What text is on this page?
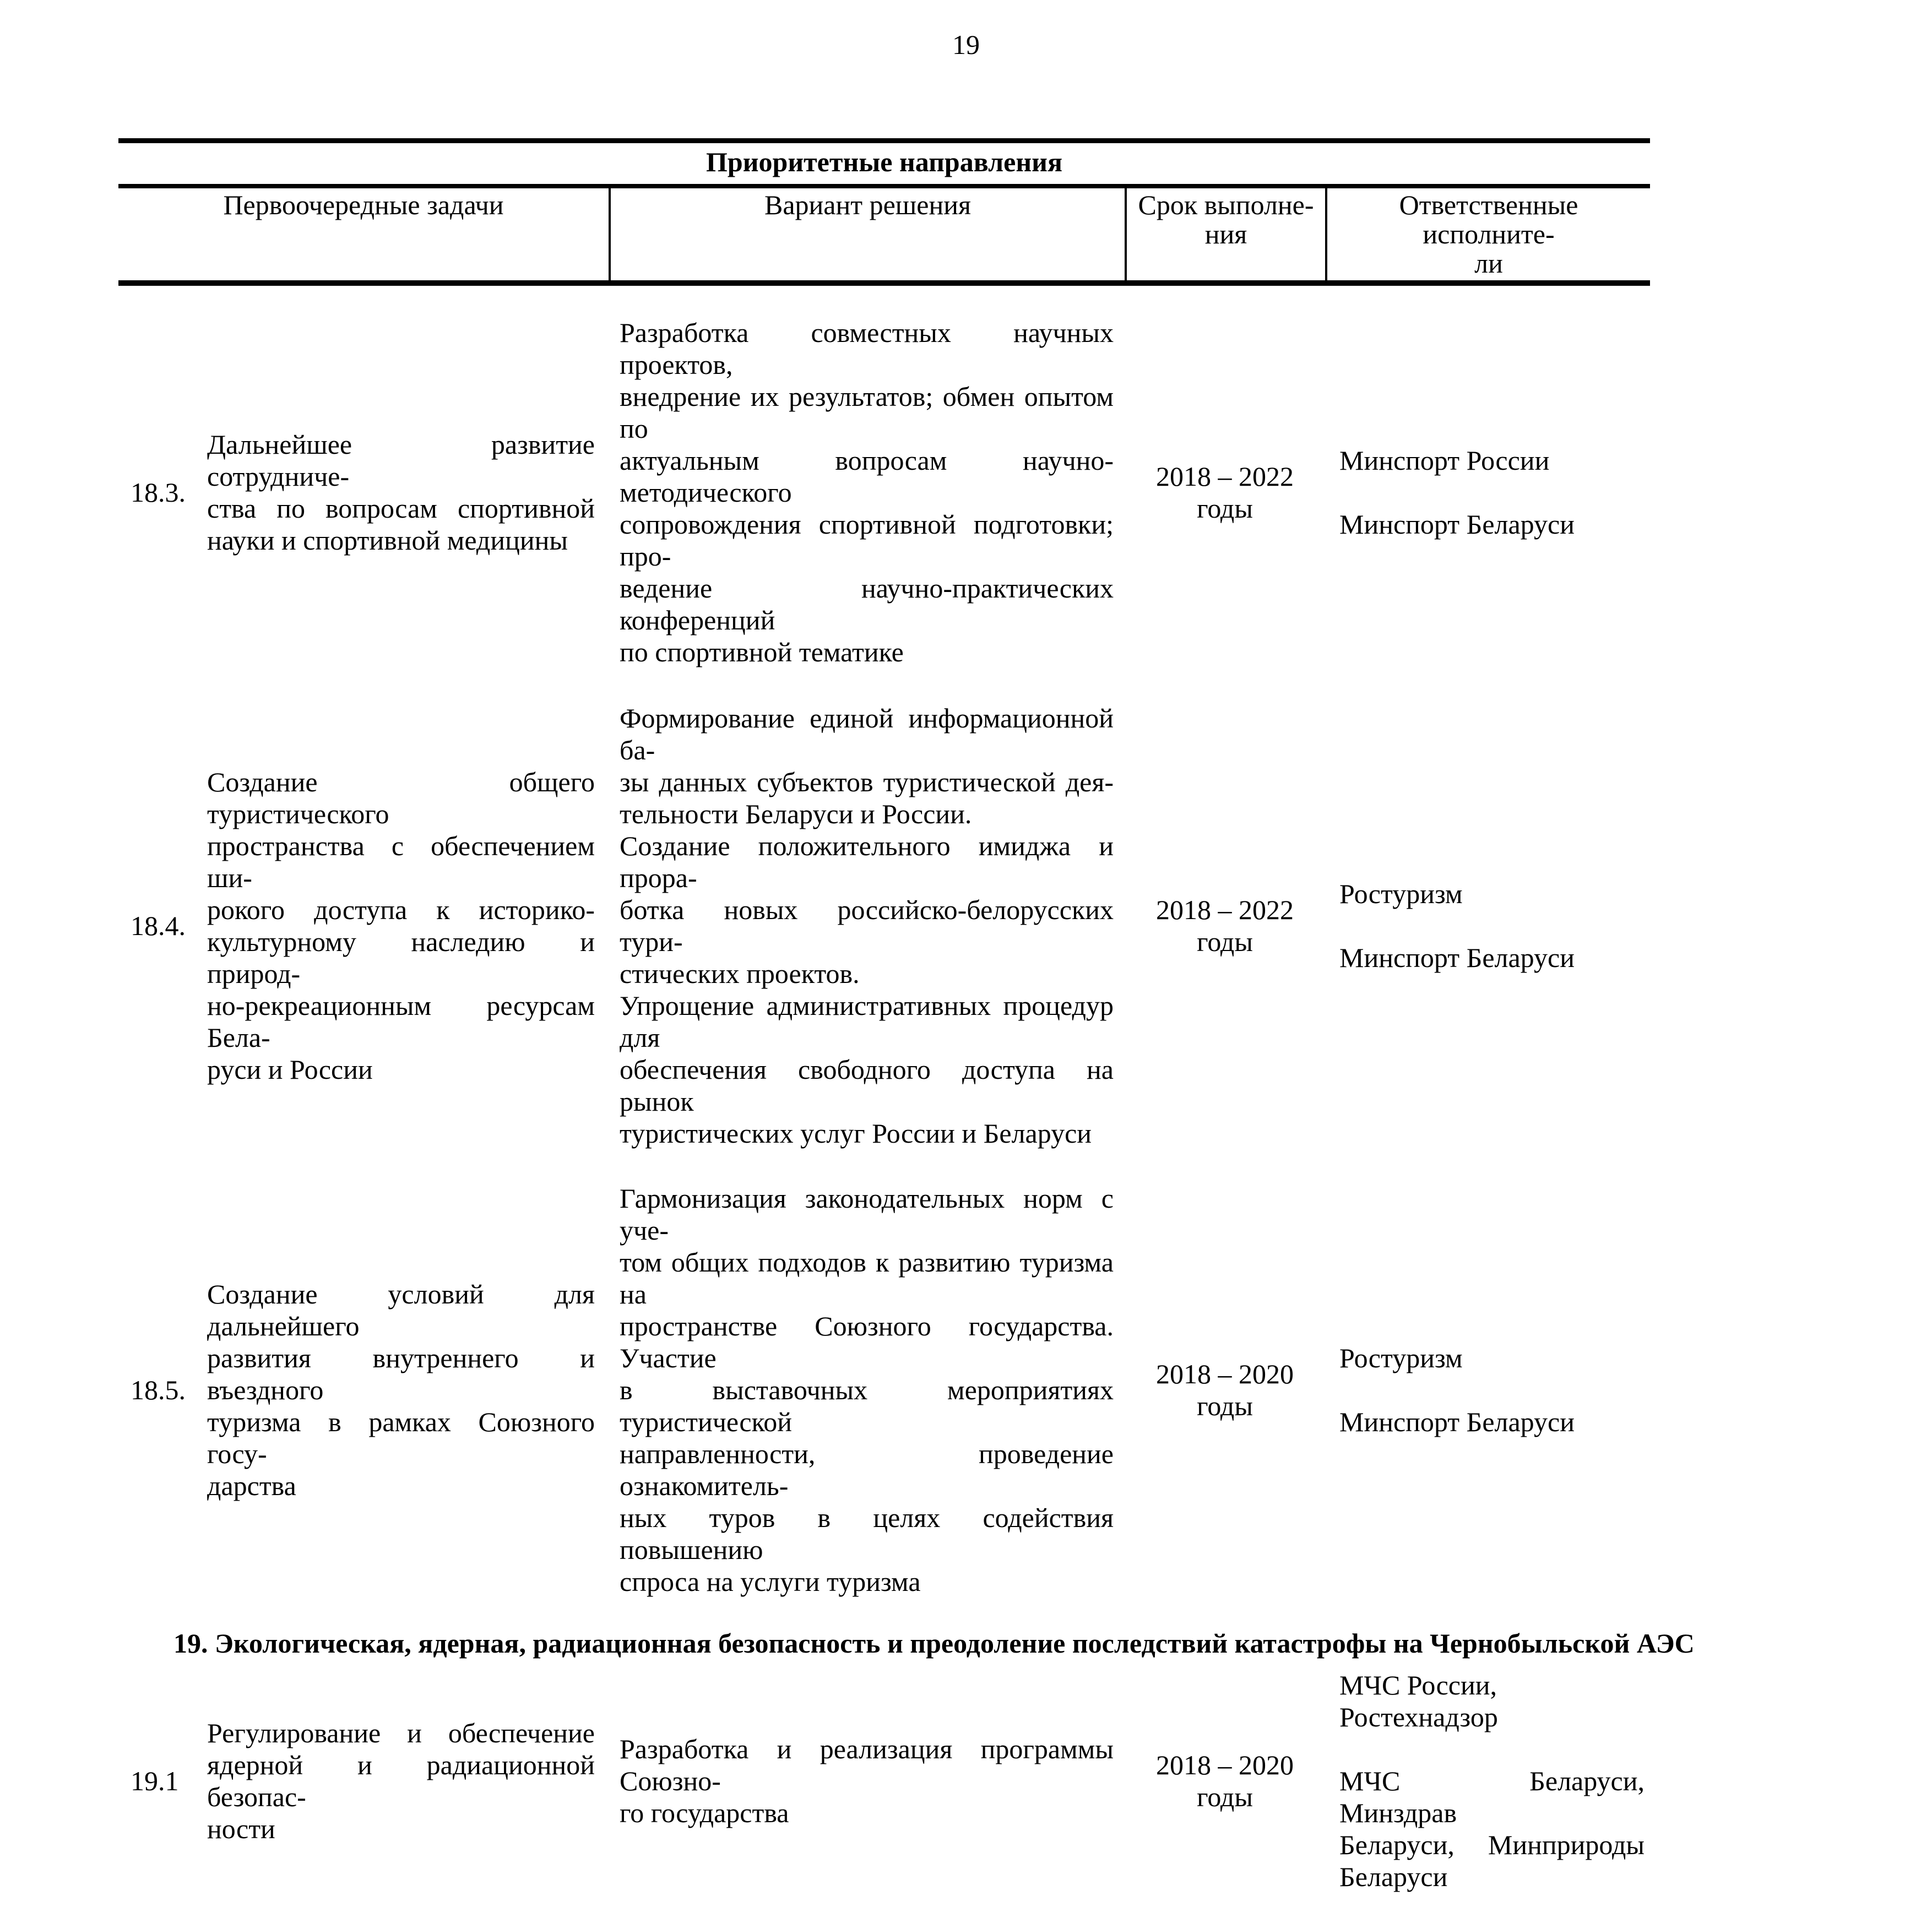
19
Приоритетные направления
Первоочередные задачи	Вариант решения	Срок выполне-
ния
Ответственные исполните-
ли
18.3.
Дальнейшее развитие сотрудниче-
ства по вопросам спортивной
науки и спортивной медицины
Разработка совместных научных проектов,
внедрение их результатов; обмен опытом по
актуальным вопросам научно-методического
сопровождения спортивной подготовки; про-
ведение научно-практических конференций
по спортивной тематике
2018 – 2022
годы
Минспорт России
Минспорт Беларуси
18.4.
Создание общего туристического
пространства с обеспечением ши-
рокого доступа к историко-
культурному наследию и природ-
но-рекреационным ресурсам Бела-
руси и России
Формирование единой информационной ба-
зы данных субъектов туристической дея-
тельности Беларуси и России.
Создание положительного имиджа и прора-
ботка новых российско-белорусских тури-
стических проектов.
Упрощение административных процедур для
обеспечения свободного доступа на рынок
туристических услуг России и Беларуси
2018 – 2022
годы
Ростуризм
Минспорт Беларуси
18.5.
Создание условий для дальнейшего
развития внутреннего и въездного
туризма в рамках Союзного госу-
дарства
Гармонизация законодательных норм с уче-
том общих подходов к развитию туризма на
пространстве Союзного государства. Участие
в выставочных мероприятиях туристической
направленности, проведение ознакомитель-
ных туров в целях содействия повышению
спроса на услуги туризма
2018 – 2020
годы
Ростуризм
Минспорт Беларуси
19. Экологическая, ядерная, радиационная безопасность и преодоление последствий катастрофы на Чернобыльской АЭС
19.1
Регулирование и обеспечение
ядерной и радиационной безопас-
ности
Разработка и реализация программы Союзно-
го государства
2018 – 2020
годы
МЧС России, Ростехнадзор
МЧС Беларуси, Минздрав
Беларуси, Минприроды
Беларуси
